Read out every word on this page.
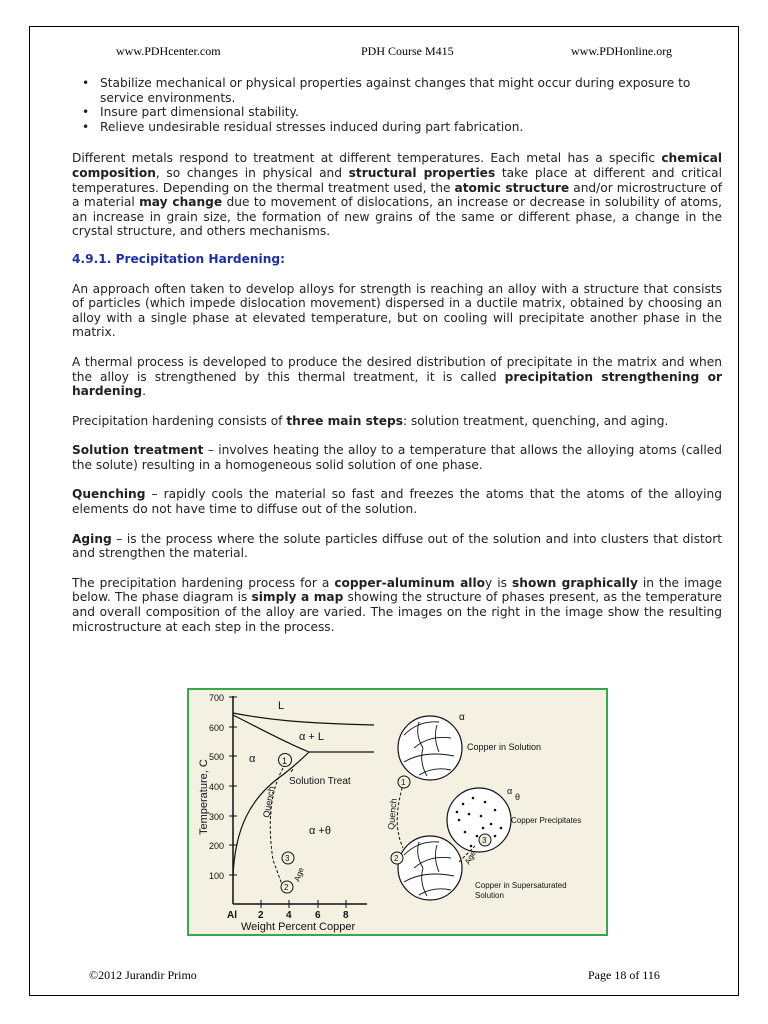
www.PDHcenter.com	PDH Course M415	www.PDHonline.org
• Stabilize mechanical or physical properties against changes that might occur during exposure to service environments.
• Insure part dimensional stability.
• Relieve undesirable residual stresses induced during part fabrication.

Different metals respond to treatment at different temperatures. Each metal has a specific chemical composition, so changes in physical and structural properties take place at different and critical temperatures. Depending on the thermal treatment used, the atomic structure and/or microstructure of a material may change due to movement of dislocations, an increase or decrease in solubility of atoms, an increase in grain size, the formation of new grains of the same or different phase, a change in the crystal structure, and others mechanisms.

4.9.1. Precipitation Hardening:

An approach often taken to develop alloys for strength is reaching an alloy with a structure that consists of particles (which impede dislocation movement) dispersed in a ductile matrix, obtained by choosing an alloy with a single phase at elevated temperature, but on cooling will precipitate another phase in the matrix.

A thermal process is developed to produce the desired distribution of precipitate in the matrix and when the alloy is strengthened by this thermal treatment, it is called precipitation strengthening or hardening.

Precipitation hardening consists of three main steps: solution treatment, quenching, and aging.

Solution treatment – involves heating the alloy to a temperature that allows the alloying atoms (called the solute) resulting in a homogeneous solid solution of one phase.

Quenching – rapidly cools the material so fast and freezes the atoms that the atoms of the alloying elements do not have time to diffuse out of the solution.

Aging – is the process where the solute particles diffuse out of the solution and into clusters that distort and strengthen the material.

The precipitation hardening process for a copper-aluminum alloy is shown graphically in the image below. The phase diagram is simply a map showing the structure of phases present, as the temperature and overall composition of the alloy are varied. The images on the right in the image show the resulting microstructure at each step in the process.

700
600
500
400
300
200
100
Temperature, C
Al 2 4 6 8
Weight Percent Copper
L
α + L
α
α +θ
1
Solution Treat
Quench
3
2
Age
α
Copper in Solution
α
θ
Copper Precipitates
Copper in Supersaturated
Solution
1
Quench
2
3
Age
©2012 Jurandir Primo	Page 18 of 116
